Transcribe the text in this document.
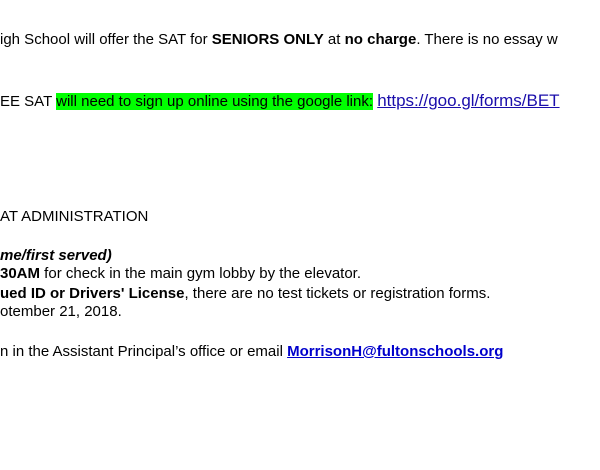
igh School will offer the SAT for SENIORS ONLY at no charge. There is no essay w
EE SAT will need to sign up online using the google link: https://goo.gl/forms/BET
AT ADMINISTRATION
me/first served)
30AM for check in the main gym lobby by the elevator.
ued ID or Drivers' License, there are no test tickets or registration forms.
otember 21, 2018.
n in the Assistant Principal’s office or email MorrisonH@fultonschools.org
